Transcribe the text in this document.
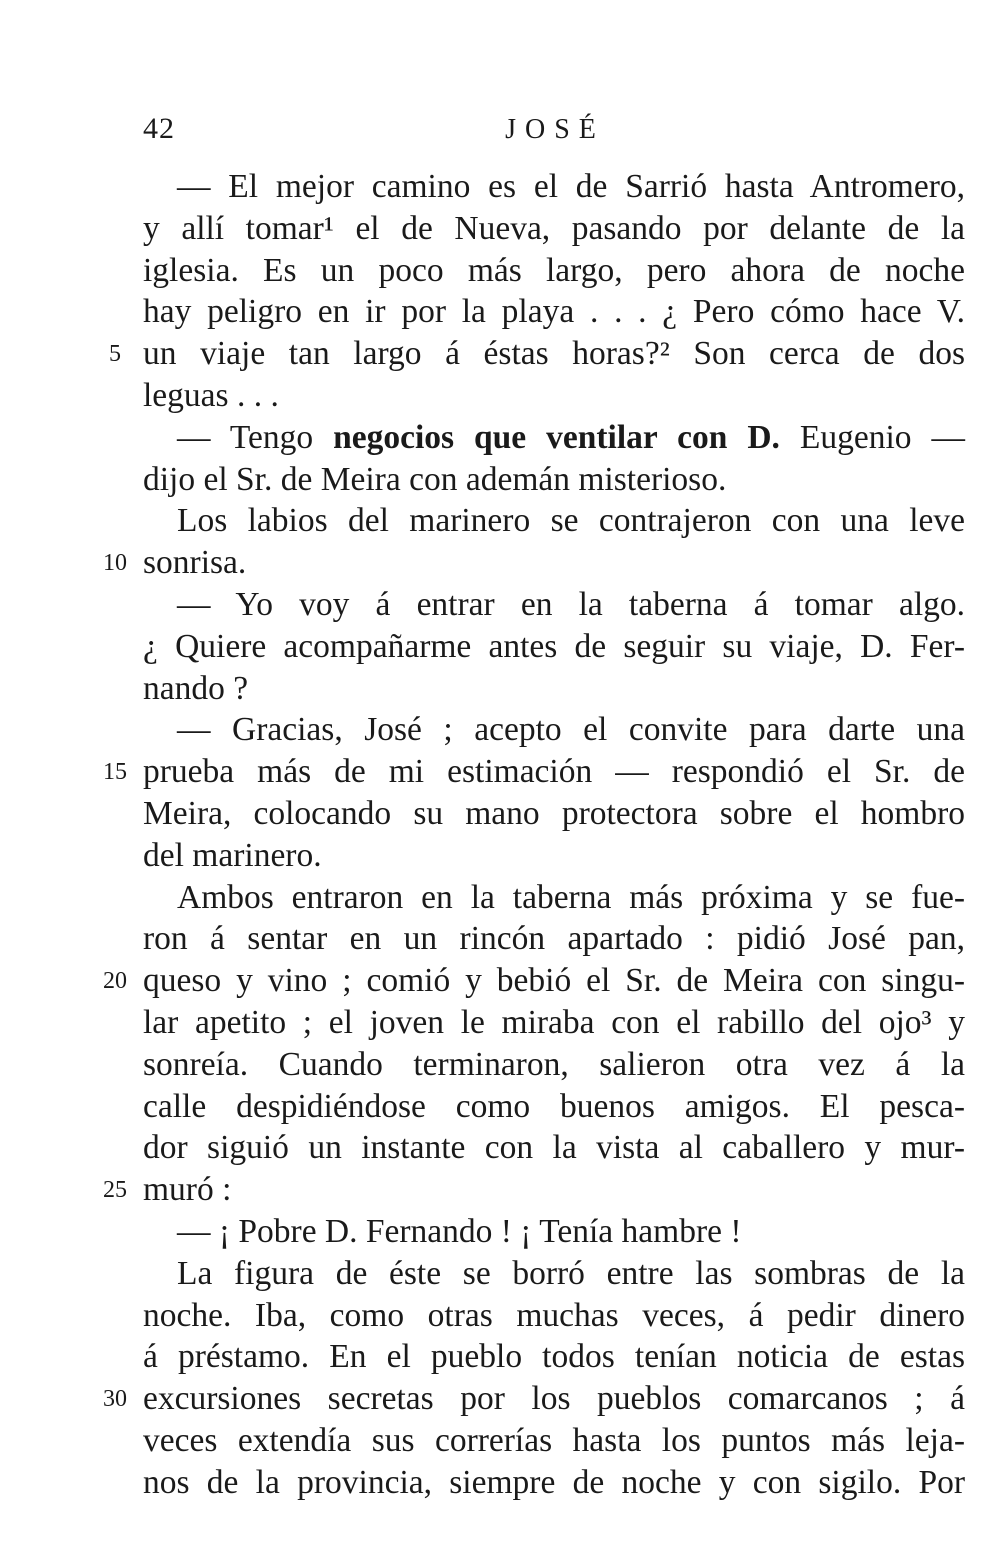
42	JOSÉ
— El mejor camino es el de Sarrió hasta Antromero,
y allí tomar¹ el de Nueva, pasando por delante de la
iglesia. Es un poco más largo, pero ahora de noche
hay peligro en ir por la playa . . . ¿ Pero cómo hace V.
un viaje tan largo á éstas horas?² Son cerca de dos
5
leguas . . .
— Tengo negocios que ventilar con D. Eugenio —
dijo el Sr. de Meira con ademán misterioso.
Los labios del marinero se contrajeron con una leve
sonrisa.
10
— Yo voy á entrar en la taberna á tomar algo.
¿ Quiere acompañarme antes de seguir su viaje, D. Fer-
nando ?
— Gracias, José ; acepto el convite para darte una
prueba más de mi estimación — respondió el Sr. de
15
Meira, colocando su mano protectora sobre el hombro
del marinero.
Ambos entraron en la taberna más próxima y se fue-
ron á sentar en un rincón apartado : pidió José pan,
queso y vino ; comió y bebió el Sr. de Meira con singu-
20
lar apetito ; el joven le miraba con el rabillo del ojo³ y
sonreía. Cuando terminaron, salieron otra vez á la
calle despidiéndose como buenos amigos. El pesca-
dor siguió un instante con la vista al caballero y mur-
muró :
25
— ¡ Pobre D. Fernando ! ¡ Tenía hambre !
La figura de éste se borró entre las sombras de la
noche. Iba, como otras muchas veces, á pedir dinero
á préstamo. En el pueblo todos tenían noticia de estas
excursiones secretas por los pueblos comarcanos ; á
30
veces extendía sus correrías hasta los puntos más leja-
nos de la provincia, siempre de noche y con sigilo. Por
